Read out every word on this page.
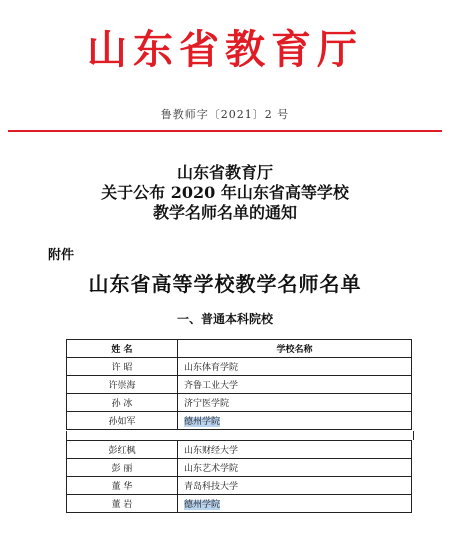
山东省教育厅
鲁教师字〔2021〕2 号
山东省教育厅
关于公布 2020 年山东省高等学校
教学名师名单的通知
附件
山东省高等学校教学名师名单
一、普通本科院校
姓 名	学校名称
许 昭	山东体育学院
许崇海	齐鲁工业大学
孙 冰	济宁医学院
孙如军	德州学院
彭红枫	山东财经大学
彭 丽	山东艺术学院
董 华	青岛科技大学
董 岩	德州学院
